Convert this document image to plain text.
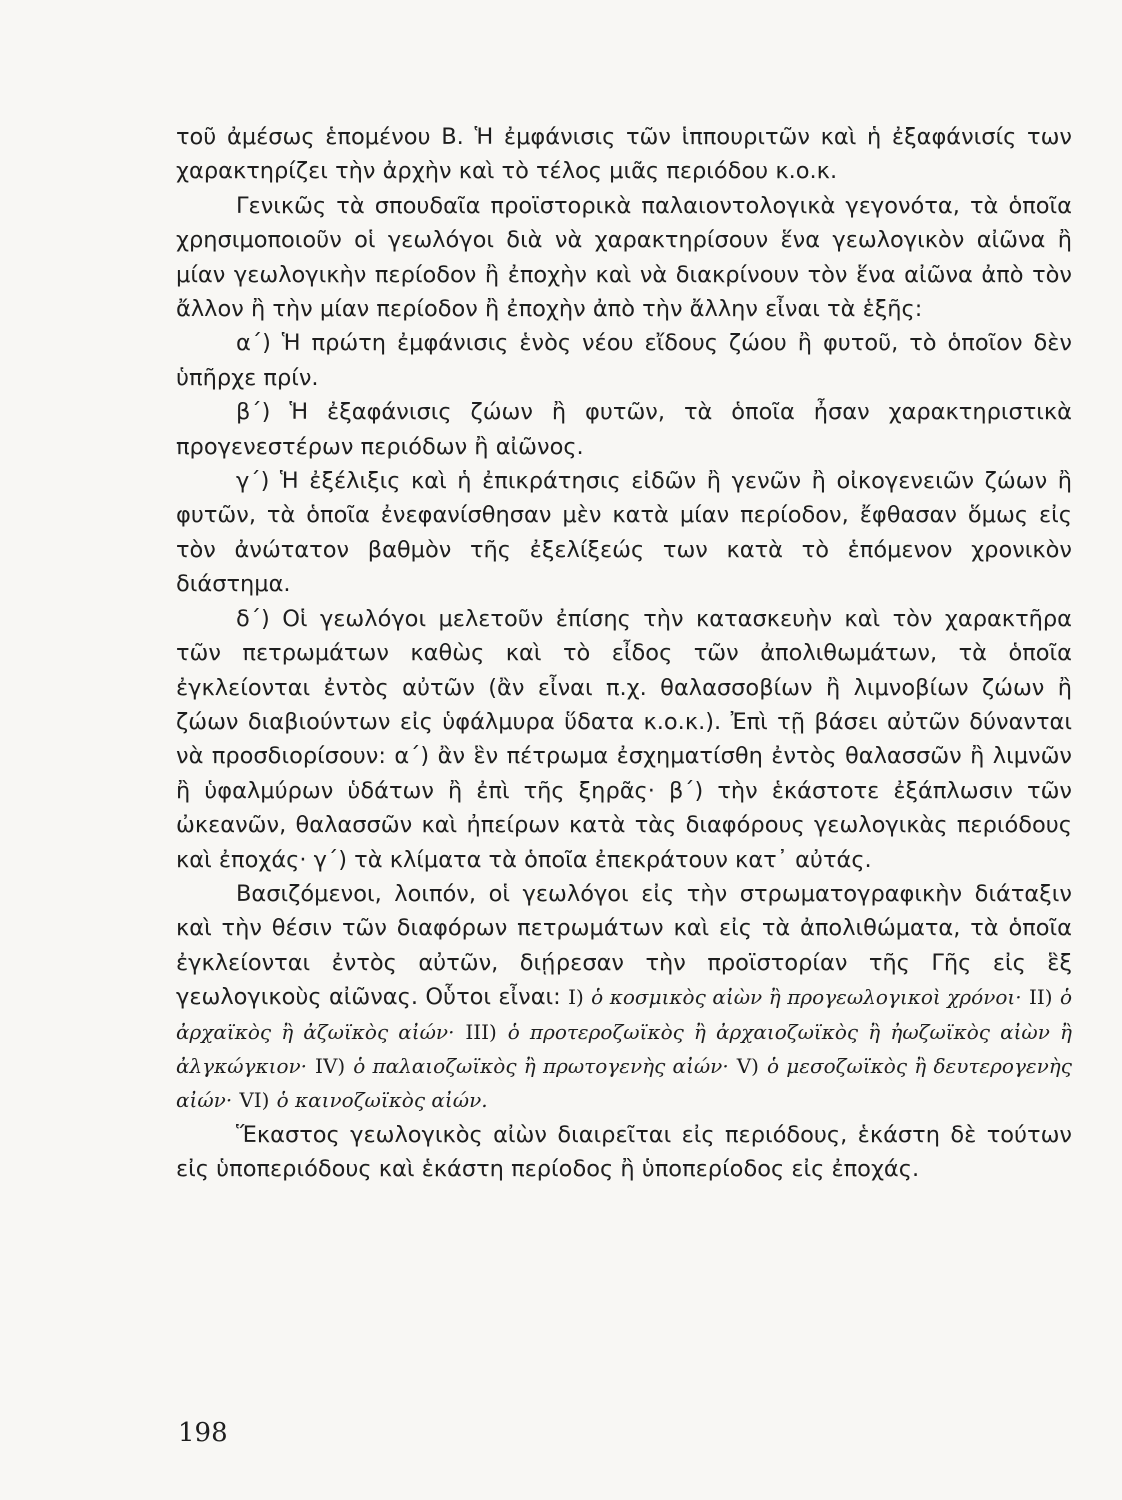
τοῦ ἀμέσως ἑπομένου Β. Ἡ ἐμφάνισις τῶν ἱππουριτῶν καὶ ἡ ἐξαφάνισίς των χαρακτηρίζει τὴν ἀρχὴν καὶ τὸ τέλος μιᾶς περιόδου κ.ο.κ.

Γενικῶς τὰ σπουδαῖα προϊστορικὰ παλαιοντολογικὰ γεγονότα, τὰ ὁποῖα χρησιμοποιοῦν οἱ γεωλόγοι διὰ νὰ χαρακτηρίσουν ἕνα γεωλογικὸν αἰῶνα ἢ μίαν γεωλογικὴν περίοδον ἢ ἐποχὴν καὶ νὰ διακρίνουν τὸν ἕνα αἰῶνα ἀπὸ τὸν ἄλλον ἢ τὴν μίαν περίοδον ἢ ἐποχὴν ἀπὸ τὴν ἄλλην εἶναι τὰ ἑξῆς:

α΄) Ἡ πρώτη ἐμφάνισις ἑνὸς νέου εἴδους ζώου ἢ φυτοῦ, τὸ ὁποῖον δὲν ὑπῆρχε πρίν.

β΄) Ἡ ἐξαφάνισις ζώων ἢ φυτῶν, τὰ ὁποῖα ἦσαν χαρακτηριστικὰ προγενεστέρων περιόδων ἢ αἰῶνος.

γ΄) Ἡ ἐξέλιξις καὶ ἡ ἐπικράτησις εἰδῶν ἢ γενῶν ἢ οἰκογενειῶν ζώων ἢ φυτῶν, τὰ ὁποῖα ἐνεφανίσθησαν μὲν κατὰ μίαν περίοδον, ἔφθασαν ὅμως εἰς τὸν ἀνώτατον βαθμὸν τῆς ἐξελίξεώς των κατὰ τὸ ἑπόμενον χρονικὸν διάστημα.

δ΄) Οἱ γεωλόγοι μελετοῦν ἐπίσης τὴν κατασκευὴν καὶ τὸν χαρακτῆρα τῶν πετρωμάτων καθὼς καὶ τὸ εἶδος τῶν ἀπολιθωμάτων, τὰ ὁποῖα ἐγκλείονται ἐντὸς αὐτῶν (ἂν εἶναι π.χ. θαλασσοβίων ἢ λιμνοβίων ζώων ἢ ζώων διαβιούντων εἰς ὑφάλμυρα ὕδατα κ.ο.κ.). Ἐπὶ τῇ βάσει αὐτῶν δύνανται νὰ προσδιορίσουν: α΄) ἂν ἓν πέτρωμα ἐσχηματίσθη ἐντὸς θαλασσῶν ἢ λιμνῶν ἢ ὑφαλμύρων ὑδάτων ἢ ἐπὶ τῆς ξηρᾶς· β΄) τὴν ἑκάστοτε ἐξάπλωσιν τῶν ὠκεανῶν, θαλασσῶν καὶ ἠπείρων κατὰ τὰς διαφόρους γεωλογικὰς περιόδους καὶ ἐποχάς· γ΄) τὰ κλίματα τὰ ὁποῖα ἐπεκράτουν κατ᾽ αὐτάς.

Βασιζόμενοι, λοιπόν, οἱ γεωλόγοι εἰς τὴν στρωματογραφικὴν διάταξιν καὶ τὴν θέσιν τῶν διαφόρων πετρωμάτων καὶ εἰς τὰ ἀπολιθώματα, τὰ ὁποῖα ἐγκλείονται ἐντὸς αὐτῶν, διῄρεσαν τὴν προϊστορίαν τῆς Γῆς εἰς ἓξ γεωλογικοὺς αἰῶνας. Οὗτοι εἶναι: I) ὁ κοσμικὸς αἰὼν ἢ προγεωλογικοὶ χρόνοι· II) ὁ ἀρχαϊκὸς ἢ ἀζωϊκὸς αἰών· III) ὁ προτεροζωϊκὸς ἢ ἀρχαιοζωϊκὸς ἢ ἠωζωϊκὸς αἰὼν ἢ ἀλγκώγκιον· IV) ὁ παλαιοζωϊκὸς ἢ πρωτογενὴς αἰών· V) ὁ μεσοζωϊκὸς ἢ δευτερογενὴς αἰών· VI) ὁ καινοζωϊκὸς αἰών.

Ἕκαστος γεωλογικὸς αἰὼν διαιρεῖται εἰς περιόδους, ἑκάστη δὲ τούτων εἰς ὑποπεριόδους καὶ ἑκάστη περίοδος ἢ ὑποπερίοδος εἰς ἐποχάς.

198
